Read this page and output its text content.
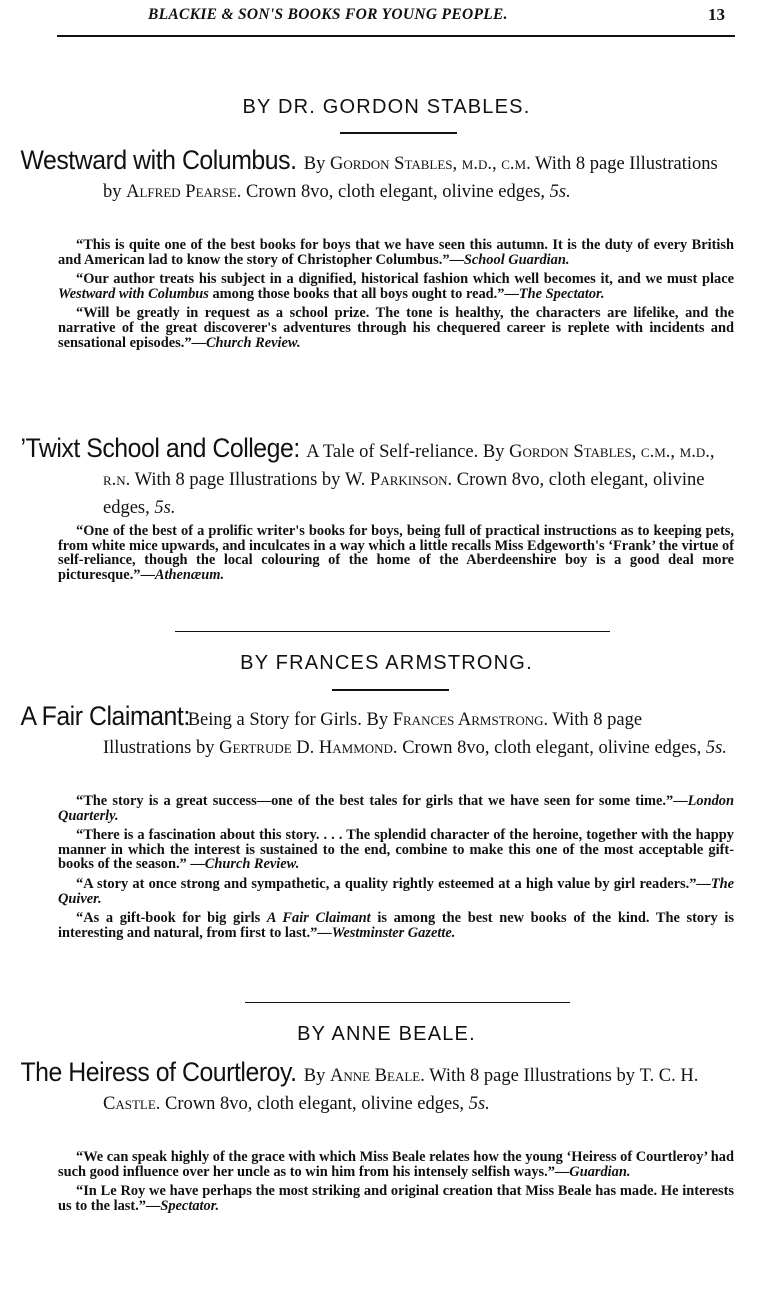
BLACKIE & SON'S BOOKS FOR YOUNG PEOPLE.	13
BY DR. GORDON STABLES.
Westward with Columbus. By Gordon Stables, m.d., c.m. With 8 page Illustrations by Alfred Pearse. Crown 8vo, cloth elegant, olivine edges, 5s.

“This is quite one of the best books for boys that we have seen this autumn. It is the duty of every British and American lad to know the story of Christopher Columbus.”—School Guardian.

“Our author treats his subject in a dignified, historical fashion which well becomes it, and we must place Westward with Columbus among those books that all boys ought to read.”—The Spectator.

“Will be greatly in request as a school prize. The tone is healthy, the characters are lifelike, and the narrative of the great discoverer's adventures through his chequered career is replete with incidents and sensational episodes.”—Church Review.

’Twixt School and College: A Tale of Self-reliance. By Gordon Stables, c.m., m.d., r.n. With 8 page Illustrations by W. Parkinson. Crown 8vo, cloth elegant, olivine edges, 5s.

“One of the best of a prolific writer's books for boys, being full of practical instructions as to keeping pets, from white mice upwards, and inculcates in a way which a little recalls Miss Edgeworth's ‘Frank’ the virtue of self-reliance, though the local colouring of the home of the Aberdeenshire boy is a good deal more picturesque.”—Athenæum.

BY FRANCES ARMSTRONG.
A Fair Claimant: Being a Story for Girls. By Frances Armstrong. With 8 page Illustrations by Gertrude D. Hammond. Crown 8vo, cloth elegant, olivine edges, 5s.

“The story is a great success—one of the best tales for girls that we have seen for some time.”—London Quarterly.

“There is a fascination about this story. . . . The splendid character of the heroine, together with the happy manner in which the interest is sustained to the end, combine to make this one of the most acceptable gift-books of the season.” —Church Review.

“A story at once strong and sympathetic, a quality rightly esteemed at a high value by girl readers.”—The Quiver.

“As a gift-book for big girls A Fair Claimant is among the best new books of the kind. The story is interesting and natural, from first to last.”—Westminster Gazette.

BY ANNE BEALE.
The Heiress of Courtleroy. By Anne Beale. With 8 page Illustrations by T. C. H. Castle. Crown 8vo, cloth elegant, olivine edges, 5s.

“We can speak highly of the grace with which Miss Beale relates how the young ‘Heiress of Courtleroy’ had such good influence over her uncle as to win him from his intensely selfish ways.”—Guardian.

“In Le Roy we have perhaps the most striking and original creation that Miss Beale has made. He interests us to the last.”—Spectator.
